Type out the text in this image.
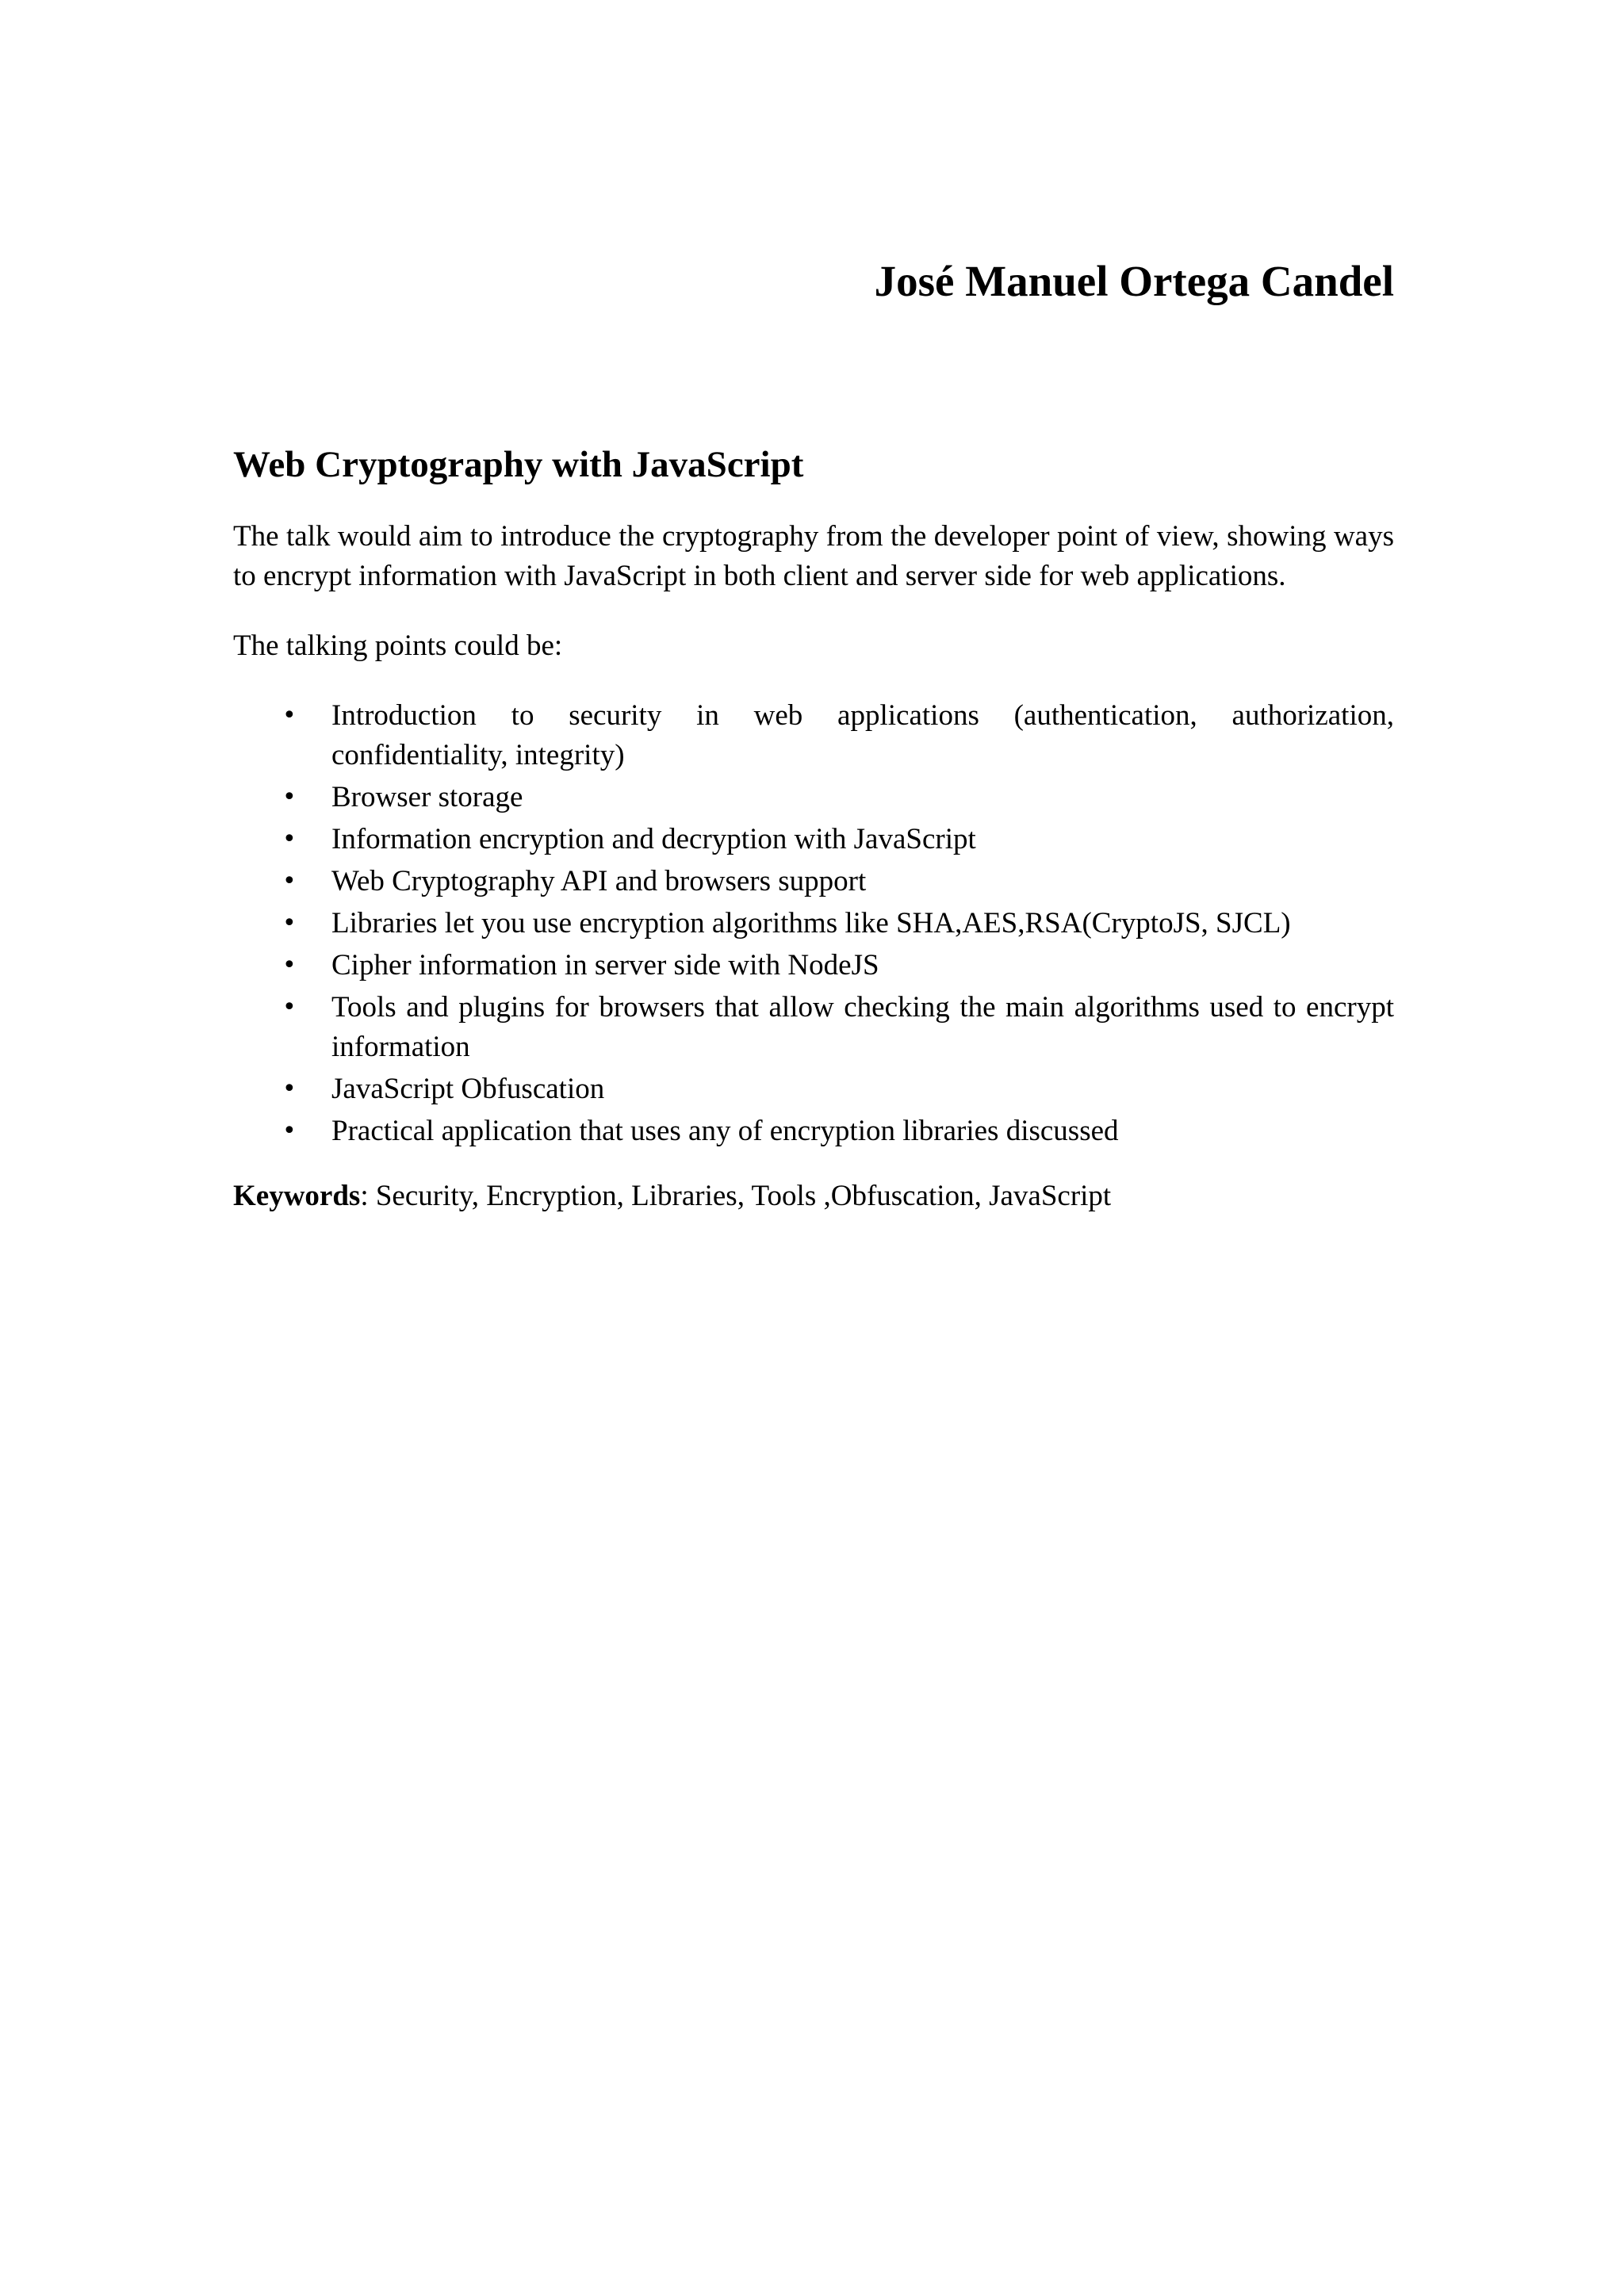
José Manuel Ortega Candel
Web Cryptography with JavaScript

The talk would aim to introduce the cryptography from the developer point of view, showing ways to encrypt information with JavaScript in both client and server side for web applications.

The talking points could be:

• Introduction to security in web applications (authentication, authorization,
confidentiality, integrity)
• Browser storage
• Information encryption and decryption with JavaScript
• Web Cryptography API and browsers support
• Libraries let you use encryption algorithms like SHA,AES,RSA(CryptoJS, SJCL)
• Cipher information in server side with NodeJS
• Tools and plugins for browsers that allow checking the main algorithms used to encrypt information
• JavaScript Obfuscation
• Practical application that uses any of encryption libraries discussed

Keywords: Security, Encryption, Libraries, Tools ,Obfuscation, JavaScript
